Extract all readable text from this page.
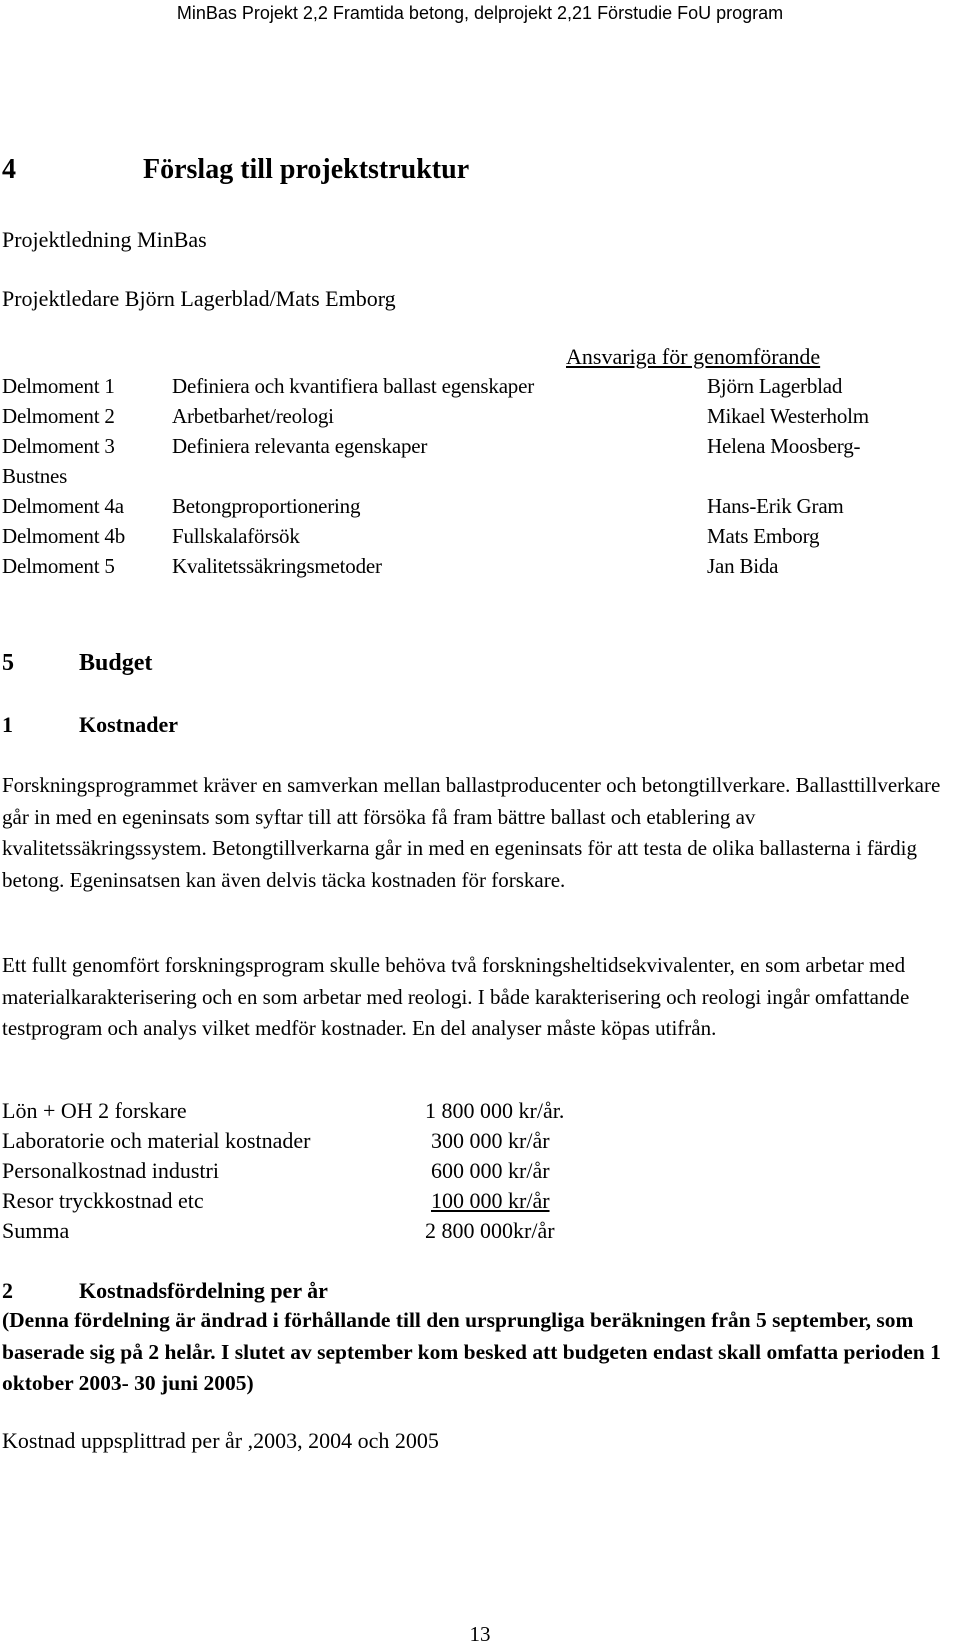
MinBas Projekt 2,2 Framtida betong, delprojekt 2,21 Förstudie FoU program
4	Förslag till projektstruktur
Projektledning MinBas
Projektledare Björn Lagerblad/Mats Emborg
Ansvariga för genomförande
Delmoment 1	Definiera och kvantifiera ballast egenskaper	Björn Lagerblad
Delmoment 2	Arbetbarhet/reologi	Mikael Westerholm
Delmoment 3	Definiera relevanta egenskaper	Helena Moosberg-
Bustnes
Delmoment 4a Betongproportionering	Hans-Erik Gram
Delmoment 4b Fullskalaförsök	Mats Emborg
Delmoment 5	Kvalitetssäkringsmetoder	Jan Bida
5	Budget
1	Kostnader

Forskningsprogrammet kräver en samverkan mellan ballastproducenter och betongtillverkare. Ballasttillverkare går in med en egeninsats som syftar till att försöka få fram bättre ballast och etablering av kvalitetssäkringssystem. Betongtillverkarna går in med en egeninsats för att testa de olika ballasterna i färdig betong. Egeninsatsen kan även delvis täcka kostnaden för forskare.

Ett fullt genomfört forskningsprogram skulle behöva två forskningsheltidsekvivalenter, en som arbetar med materialkarakterisering och en som arbetar med reologi. I både karakterisering och reologi ingår omfattande testprogram och analys vilket medför kostnader. En del analyser måste köpas utifrån.

Lön + OH 2 forskare	1 800 000 kr/år.
Laboratorie och material kostnader	300 000 kr/år
Personalkostnad industri	600 000 kr/år
Resor tryckkostnad etc	100 000 kr/år
Summa	2 800 000kr/år
2	Kostnadsfördelning per år

(Denna fördelning är ändrad i förhållande till den ursprungliga beräkningen från 5 september, som baserade sig på 2 helår. I slutet av september kom besked att budgeten endast skall omfatta perioden 1 oktober 2003- 30 juni 2005)

Kostnad uppsplittrad per år ,2003, 2004 och 2005
13
